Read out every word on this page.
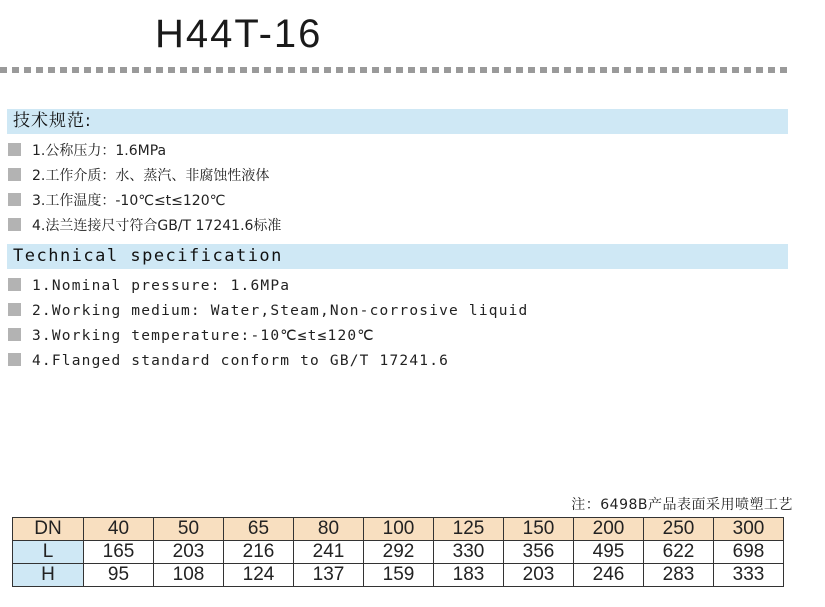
H44T-16
技术规范:
1.公称压力：1.6MPa
2.工作介质：水、蒸汽、非腐蚀性液体
3.工作温度：-10℃≤t≤120℃
4.法兰连接尺寸符合GB/T 17241.6标准
Technical specification
1.Nominal pressure: 1.6MPa
2.Working medium: Water,Steam,Non-corrosive liquid
3.Working temperature:-10℃≤t≤120℃
4.Flanged standard conform to GB/T 17241.6
注：6498B产品表面采用喷塑工艺
DN	40	50	65	80	100	125	150	200	250	300
L	165	203	216	241	292	330	356	495	622	698
H	95	108	124	137	159	183	203	246	283	333
